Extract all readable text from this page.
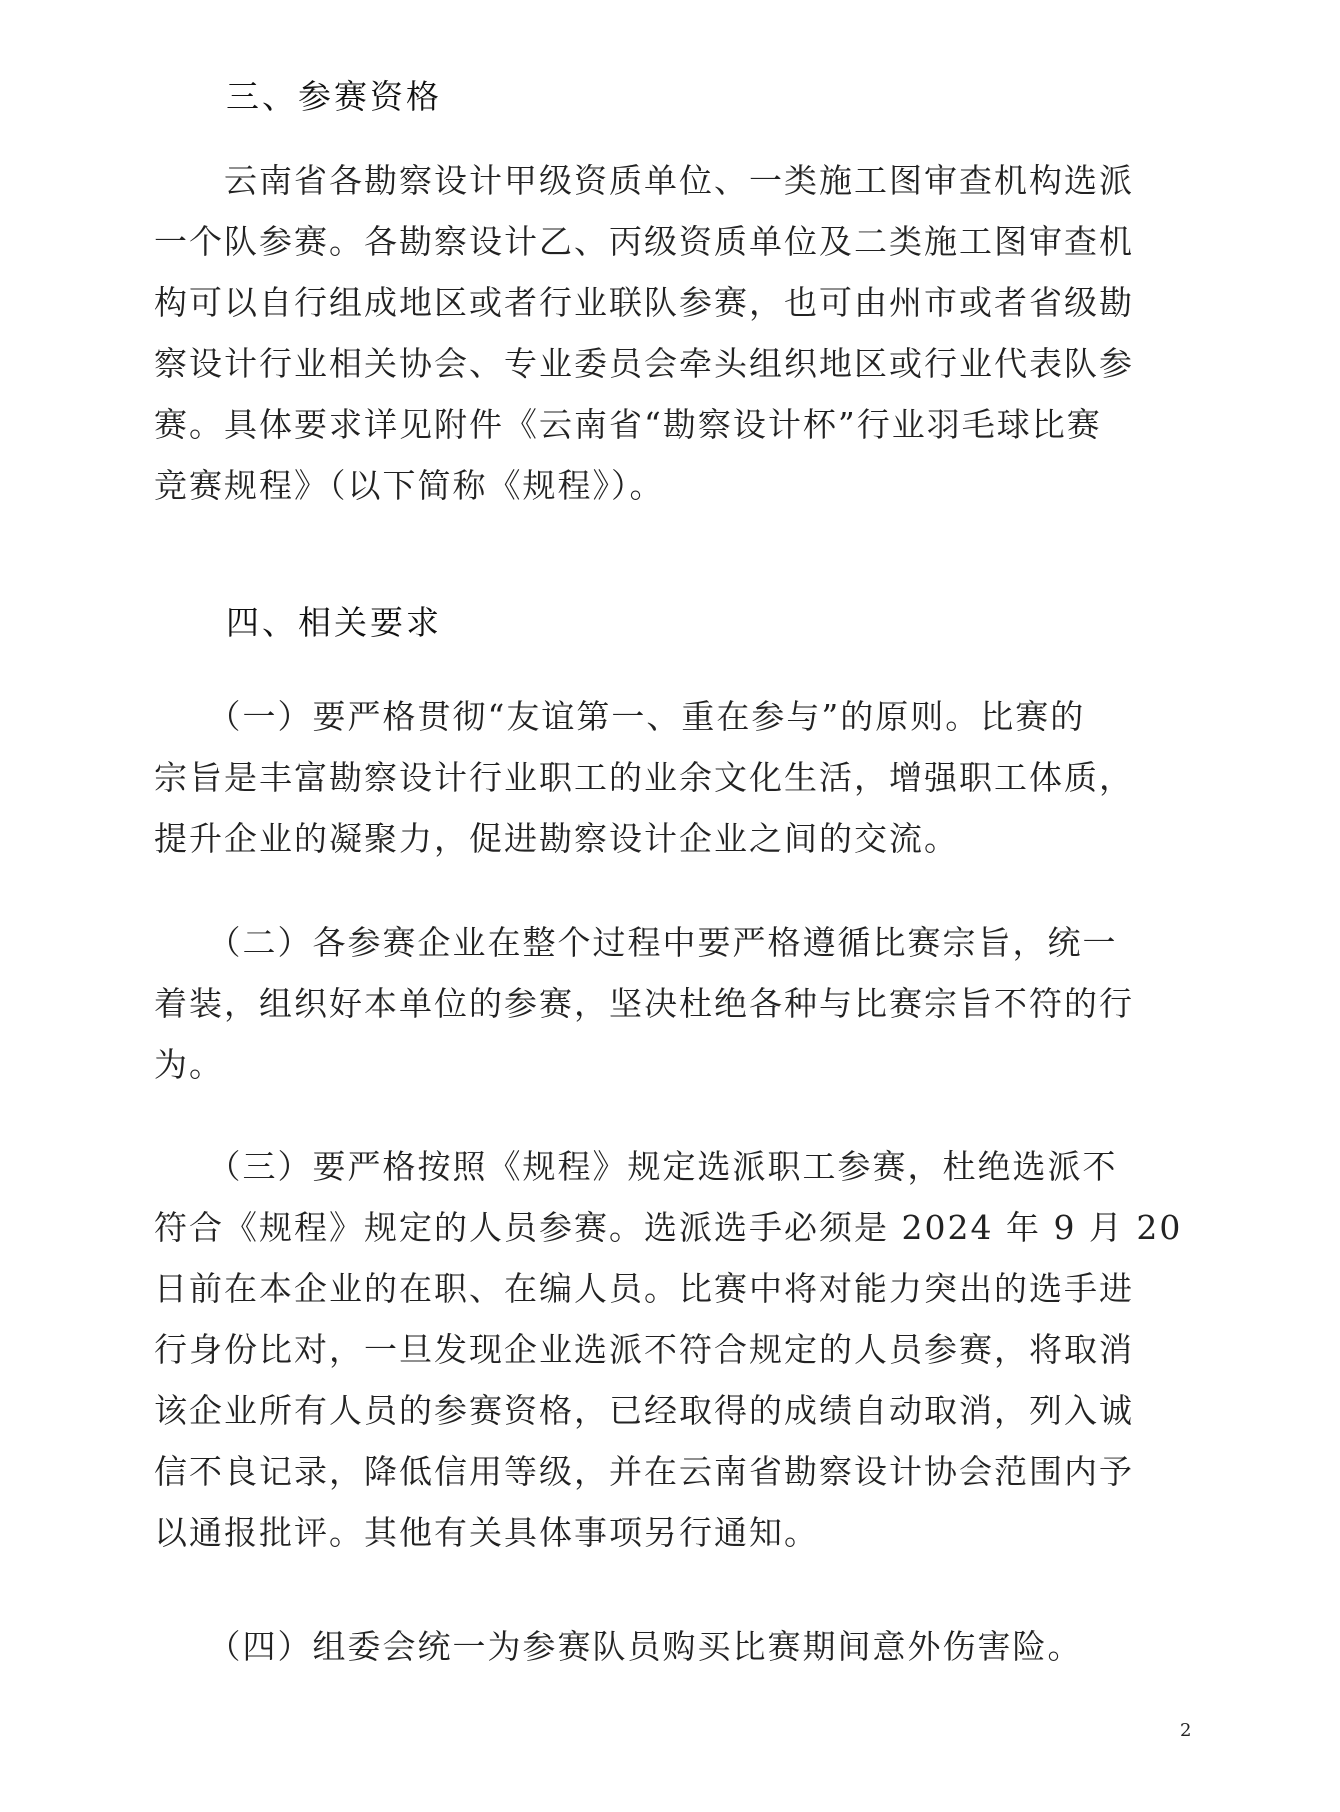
三、参赛资格
　　云南省各勘察设计甲级资质单位、一类施工图审查机构选派
一个队参赛。各勘察设计乙、丙级资质单位及二类施工图审查机
构可以自行组成地区或者行业联队参赛，也可由州市或者省级勘
察设计行业相关协会、专业委员会牵头组织地区或行业代表队参
赛。具体要求详见附件《云南省“勘察设计杯”行业羽毛球比赛
竞赛规程》（以下简称《规程》）。
四、相关要求
　　（一）要严格贯彻“友谊第一、重在参与”的原则。比赛的
宗旨是丰富勘察设计行业职工的业余文化生活，增强职工体质，
提升企业的凝聚力，促进勘察设计企业之间的交流。
　　（二）各参赛企业在整个过程中要严格遵循比赛宗旨，统一
着装，组织好本单位的参赛，坚决杜绝各种与比赛宗旨不符的行
为。
　　（三）要严格按照《规程》规定选派职工参赛，杜绝选派不
符合《规程》规定的人员参赛。选派选手必须是 2024 年 9 月 20
日前在本企业的在职、在编人员。比赛中将对能力突出的选手进
行身份比对，一旦发现企业选派不符合规定的人员参赛，将取消
该企业所有人员的参赛资格，已经取得的成绩自动取消，列入诚
信不良记录，降低信用等级，并在云南省勘察设计协会范围内予
以通报批评。其他有关具体事项另行通知。
　　（四）组委会统一为参赛队员购买比赛期间意外伤害险。
2
